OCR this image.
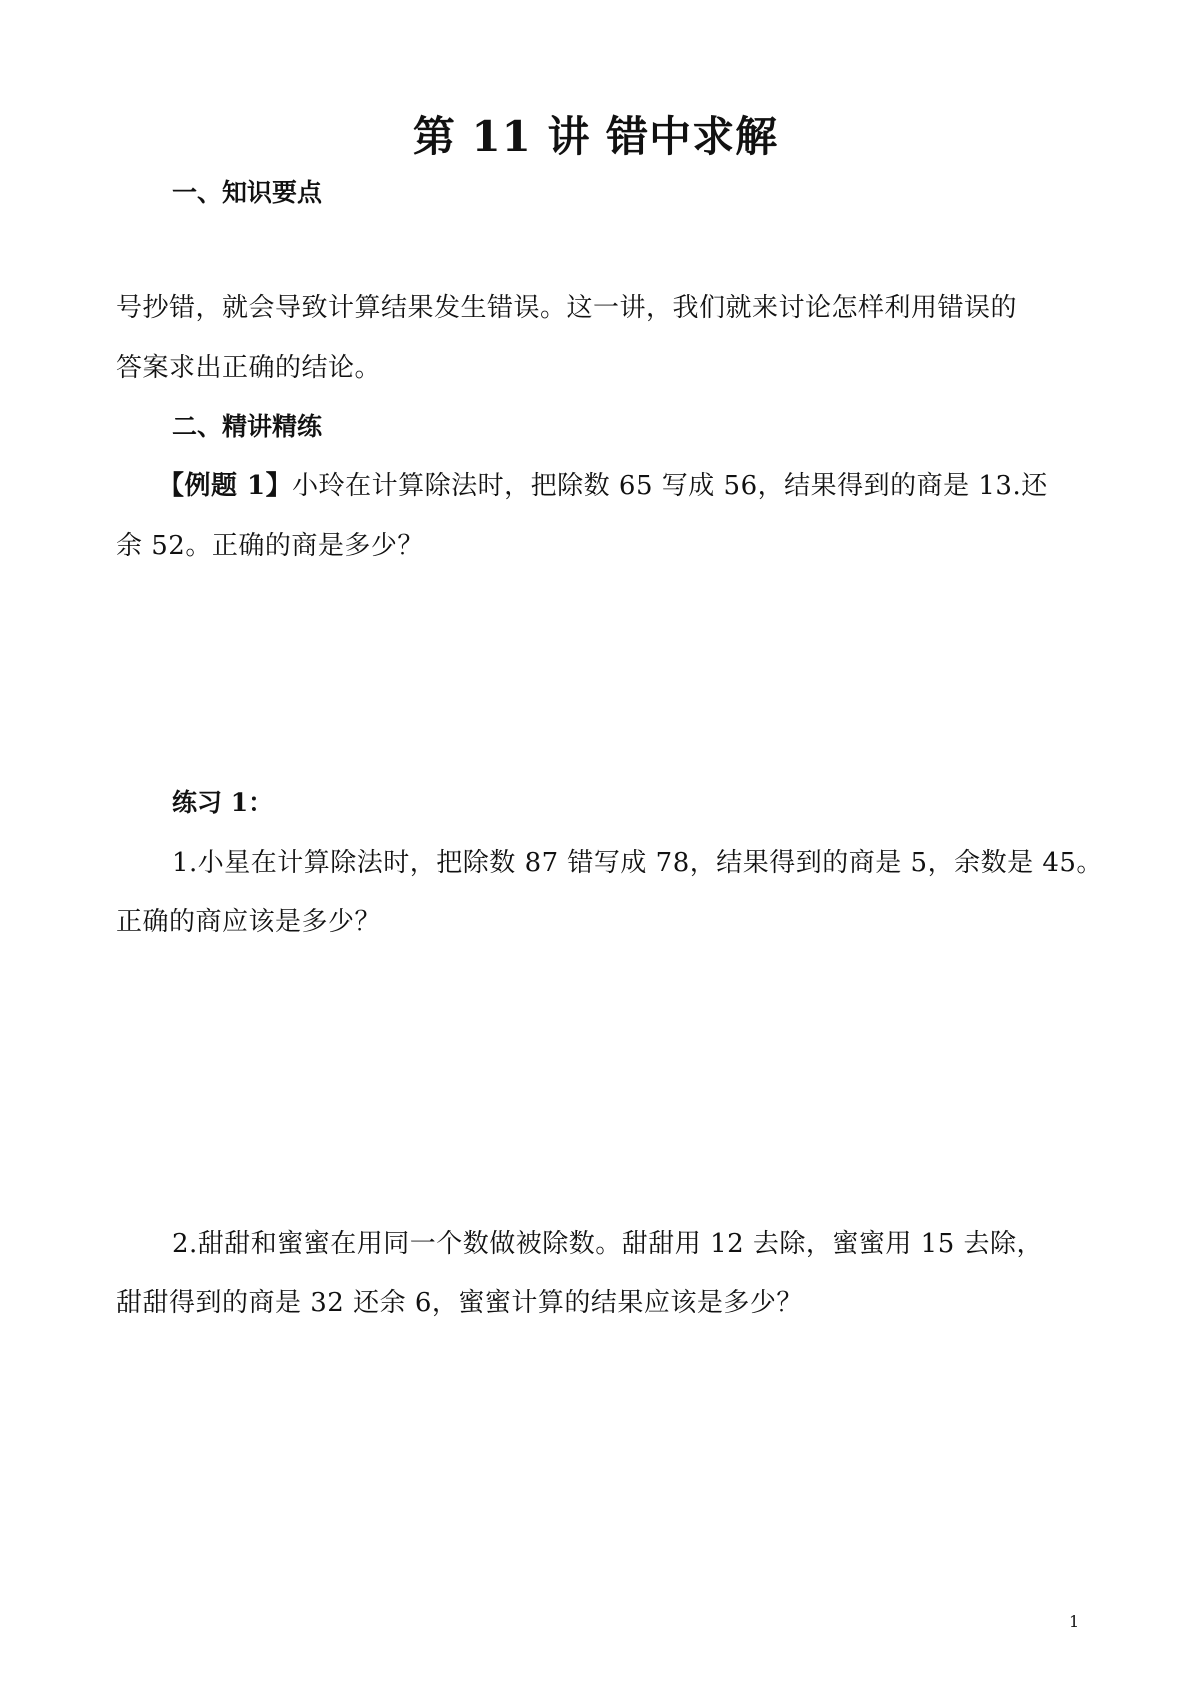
第 11 讲 错中求解
一、知识要点
号抄错，就会导致计算结果发生错误。这一讲，我们就来讨论怎样利用错误的
答案求出正确的结论。
二、精讲精练
【例题 1】小玲在计算除法时，把除数 65 写成 56，结果得到的商是 13.还
余 52。正确的商是多少？
练习 1：
1.小星在计算除法时，把除数 87 错写成 78，结果得到的商是 5，余数是 45。
正确的商应该是多少？
2.甜甜和蜜蜜在用同一个数做被除数。甜甜用 12 去除，蜜蜜用 15 去除，
甜甜得到的商是 32 还余 6，蜜蜜计算的结果应该是多少？
1
